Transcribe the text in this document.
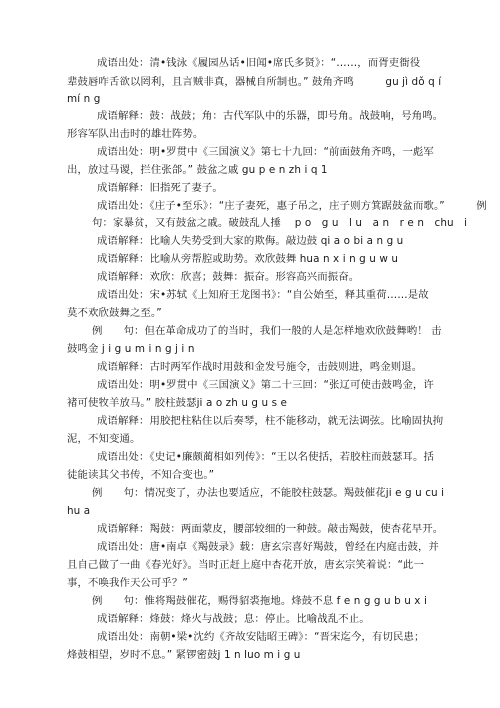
成语出处：清•钱泳《履园丛话•旧闻•席氏多贤》：“……，而胥吏衙役
辈鼓唇咋舌欲以罔利，且言贼非真，器械自所制也。” 鼓角齐鸣　　　gu jì dǒ q í
mí n g
成语解释：鼓：战鼓；角：古代军队中的乐器，即号角。战鼓响，号角鸣。
形容军队出击时的雄壮阵势。
成语出处：明•罗贯中《三国演义》第七十九回：“前面鼓角齐鸣，一彪军
出，放过马谡，拦住张郃。” 鼓盆之戚 gu p e n zh i q 1
成语解释：旧指死了妻子。
成语出处：《庄子•至乐》：“庄子妻死，惠子吊之，庄子则方箕踞鼓盆而歌。”　　　例
句：家暴贫，又有鼓盆之戚。破鼓乱人捶　 p o　g u　l u　a n　r e n　chu　i
成语解释：比喻人失势受到大家的欺侮。敲边鼓 qi a o bi a n g u
成语解释：比喻从旁帮腔或助势。欢欣鼓舞 hua n x i n g u w u
成语解释：欢欣：欣喜；鼓舞：振奋。形容高兴而振奋。
成语出处：宋•苏轼《上知府王龙图书》：“自公始至，释其重荷……是故
莫不欢欣鼓舞之至。”
例　　句：但在革命成功了的当时，我们一般的人是怎样地欢欣鼓舞哟！ 击
鼓鸣金 j i g u m i n g j i n
成语解释：古时两军作战时用鼓和金发号施令，击鼓则进，鸣金则退。
成语出处：明•罗贯中《三国演义》第二十三回：“张辽可使击鼓鸣金，许
褚可使牧羊放马。” 胶柱鼓瑟ji a o zh u g u s e
成语解释：用胶把柱粘住以后奏琴，柱不能移动，就无法调弦。比喻固执拘
泥，不知变通。
成语出处：《史记•廉颇蔺相如列传》：“王以名使括，若胶柱而鼓瑟耳。括
徒能读其父书传，不知合变也。”
例　　句：情况变了，办法也要适应，不能胶柱鼓瑟。羯鼓催花ji e g u cu i
hu a
成语解释：羯鼓：两面蒙皮，腰部较细的一种鼓。敲击羯鼓，使杏花早开。
成语出处：唐•南卓《羯鼓录》载：唐玄宗喜好羯鼓，曾经在内庭击鼓，并
且自己做了一曲《春光好》。当时正赶上庭中杏花开放，唐玄宗笑着说：“此一
事，不唤我作天公可乎？”
例　　句：惟将羯鼓催花，赐得貂裘拖地。烽鼓不息 f e n g g u b u x i
成语解释：烽鼓：烽火与战鼓；息：停止。比喻战乱不止。
成语出处：南朝•梁•沈约《齐故安陆昭王碑》：“晋宋迄今，有切民患；
烽鼓相望，岁时不息。” 紧锣密鼓j 1 n luo m i g u
